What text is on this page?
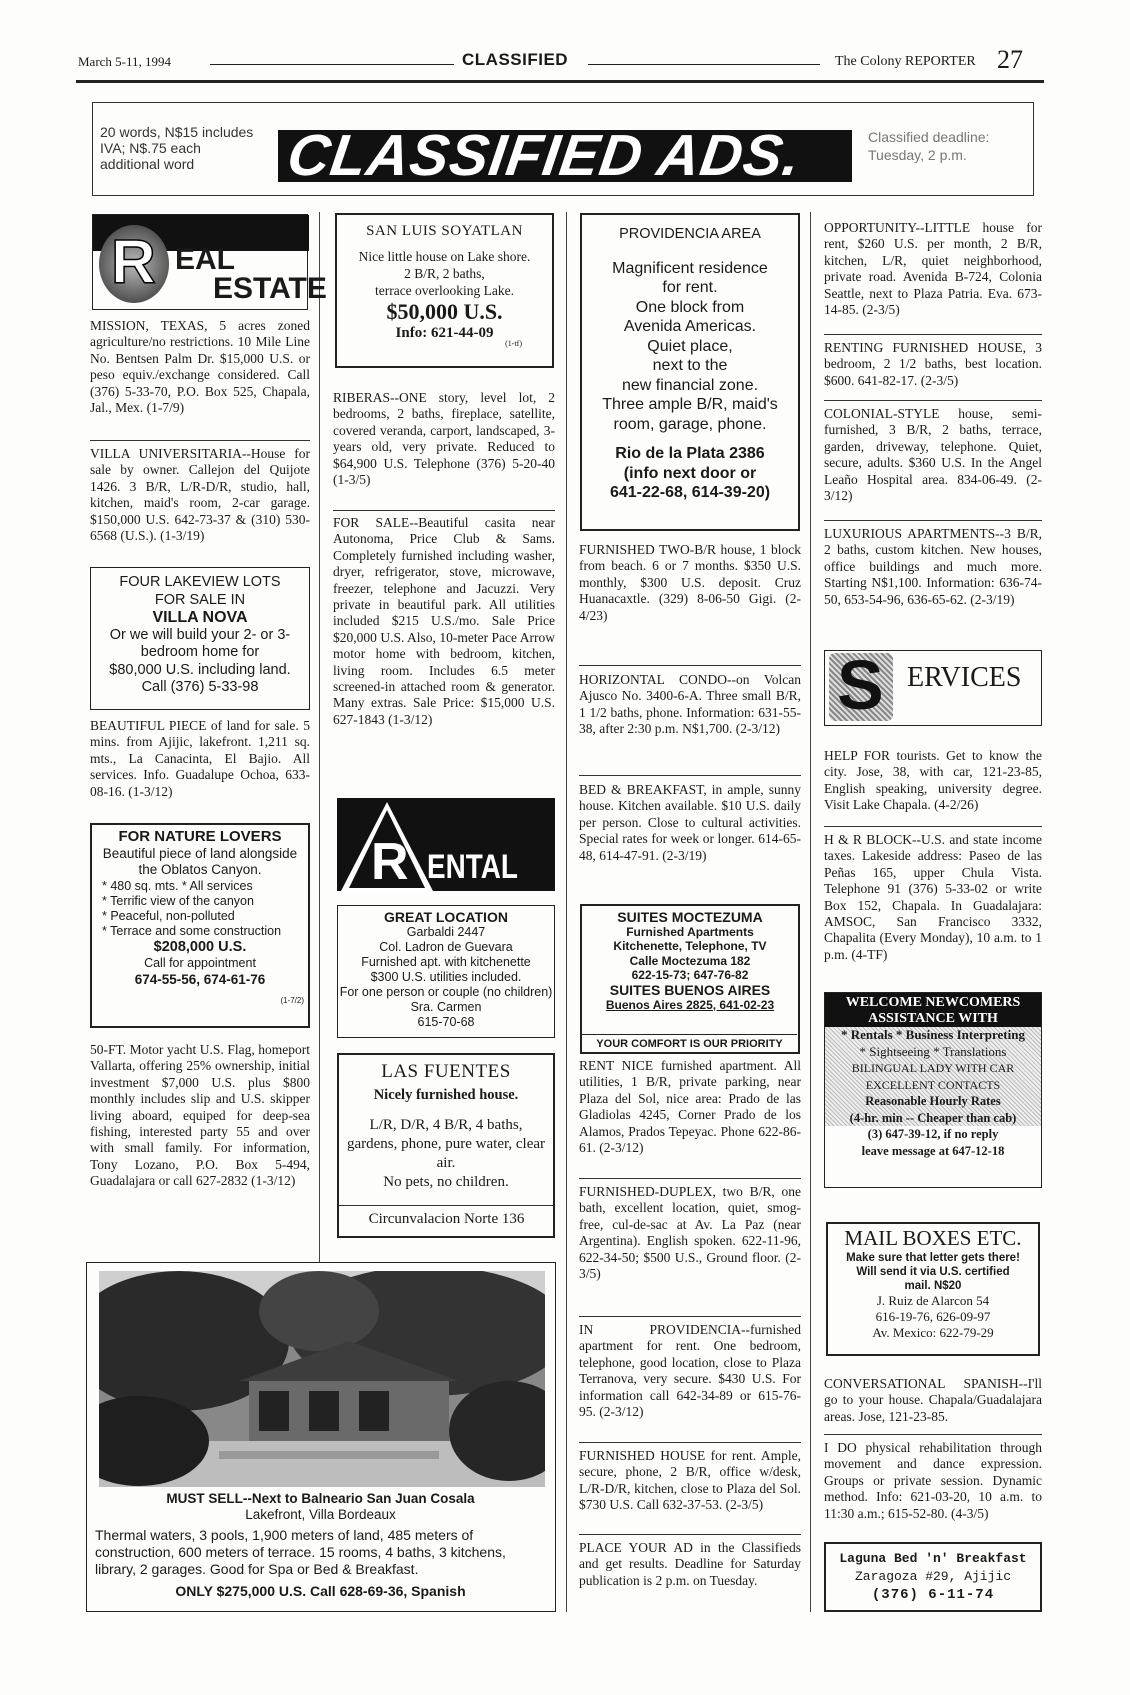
March 5-11, 1994	CLASSIFIED	The Colony REPORTER 27
20 words, N$15 includes IVA; N$.75 each additional word	CLASSIFIED ADS.	Classified deadline: Tuesday, 2 p.m.
R EAL
ESTATE

MISSION, TEXAS, 5 acres zoned agriculture/no restrictions. 10 Mile Line No. Bentsen Palm Dr. $15,000 U.S. or peso equiv./exchange considered. Call (376) 5-33-70, P.O. Box 525, Chapala, Jal., Mex. (1-7/9)

VILLA UNIVERSITARIA--House for sale by owner. Callejon del Quijote 1426. 3 B/R, L/R-D/R, studio, hall, kitchen, maid's room, 2-car garage. $150,000 U.S. 642-73-37 & (310) 530-6568 (U.S.). (1-3/19)

FOUR LAKEVIEW LOTS
FOR SALE IN
VILLA NOVA
Or we will build your 2- or 3-bedroom home for
$80,000 U.S. including land.
Call (376) 5-33-98

BEAUTIFUL PIECE of land for sale. 5 mins. from Ajijic, lakefront. 1,211 sq. mts., La Canacinta, El Bajio. All services. Info. Guadalupe Ochoa, 633-08-16. (1-3/12)

FOR NATURE LOVERS
Beautiful piece of land alongside the Oblatos Canyon.
* 480 sq. mts. * All services
* Terrific view of the canyon
* Peaceful, non-polluted
* Terrace and some construction
$208,000 U.S.
Call for appointment
674-55-56, 674-61-76
(1-7/2)

50-FT. Motor yacht U.S. Flag, homeport Vallarta, offering 25% ownership, initial investment $7,000 U.S. plus $800 monthly includes slip and U.S. skipper living aboard, equiped for deep-sea fishing, interested party 55 and over with small family. For information, Tony Lozano, P.O. Box 5-494, Guadalajara or call 627-2832 (1-3/12)

SAN LUIS SOYATLAN
Nice little house on Lake shore.
2 B/R, 2 baths,
terrace overlooking Lake.
$50,000 U.S.
Info: 621-44-09
(1-tf)

RIBERAS--ONE story, level lot, 2 bedrooms, 2 baths, fireplace, satellite, covered veranda, carport, landscaped, 3-years old, very private. Reduced to $64,900 U.S. Telephone (376) 5-20-40 (1-3/5)

FOR SALE--Beautiful casita near Autonoma, Price Club & Sams. Completely furnished including washer, dryer, refrigerator, stove, microwave, freezer, telephone and Jacuzzi. Very private in beautiful park. All utilities included $215 U.S./mo. Sale Price $20,000 U.S. Also, 10-meter Pace Arrow motor home with bedroom, kitchen, living room. Includes 6.5 meter screened-in attached room & generator. Many extras. Sale Price: $15,000 U.S. 627-1843 (1-3/12)

R ENTAL
GREAT LOCATION
Garbaldi 2447
Col. Ladron de Guevara
Furnished apt. with kitchenette
$300 U.S. utilities included.
For one person or couple (no children) Sra. Carmen
615-70-68
LAS FUENTES
Nicely furnished house.
L/R, D/R, 4 B/R, 4 baths, gardens, phone, pure water, clear air.
No pets, no children.
Circunvalacion Norte 136
MUST SELL--Next to Balneario San Juan Cosala
Lakefront, Villa Bordeaux
Thermal waters, 3 pools, 1,900 meters of land, 485 meters of construction, 600 meters of terrace. 15 rooms, 4 baths, 3 kitchens, library, 2 garages. Good for Spa or Bed & Breakfast.
ONLY $275,000 U.S. Call 628-69-36, Spanish
PROVIDENCIA AREA
Magnificent residence
for rent.
One block from
Avenida Americas.
Quiet place,
next to the
new financial zone.
Three ample B/R, maid's room, garage, phone.
Rio de la Plata 2386
(info next door or
641-22-68, 614-39-20)

FURNISHED TWO-B/R house, 1 block from beach. 6 or 7 months. $350 U.S. monthly, $300 U.S. deposit. Cruz Huanacaxtle. (329) 8-06-50 Gigi. (2-4/23)

HORIZONTAL CONDO--on Volcan Ajusco No. 3400-6-A. Three small B/R, 1 1/2 baths, phone. Information: 631-55-38, after 2:30 p.m. N$1,700. (2-3/12)

BED & BREAKFAST, in ample, sunny house. Kitchen available. $10 U.S. daily per person. Close to cultural activities. Special rates for week or longer. 614-65-48, 614-47-91. (2-3/19)

SUITES MOCTEZUMA
Furnished Apartments
Kitchenette, Telephone, TV
Calle Moctezuma 182
622-15-73; 647-76-82
SUITES BUENOS AIRES
Buenos Aires 2825, 641-02-23
YOUR COMFORT IS OUR PRIORITY

RENT NICE furnished apartment. All utilities, 1 B/R, private parking, near Plaza del Sol, nice area: Prado de las Gladiolas 4245, Corner Prado de los Alamos, Prados Tepeyac. Phone 622-86-61. (2-3/12)

FURNISHED-DUPLEX, two B/R, one bath, excellent location, quiet, smog-free, cul-de-sac at Av. La Paz (near Argentina). English spoken. 622-11-96, 622-34-50; $500 U.S., Ground floor. (2-3/5)

IN PROVIDENCIA--furnished apartment for rent. One bedroom, telephone, good location, close to Plaza Terranova, very secure. $430 U.S. For information call 642-34-89 or 615-76-95. (2-3/12)

FURNISHED HOUSE for rent. Ample, secure, phone, 2 B/R, office w/desk, L/R-D/R, kitchen, close to Plaza del Sol. $730 U.S. Call 632-37-53. (2-3/5)

PLACE YOUR AD in the Classifieds and get results. Deadline for Saturday publication is 2 p.m. on Tuesday.

OPPORTUNITY--LITTLE house for rent, $260 U.S. per month, 2 B/R, kitchen, L/R, quiet neighborhood, private road. Avenida B-724, Colonia Seattle, next to Plaza Patria. Eva. 673-14-85. (2-3/5)

RENTING FURNISHED HOUSE, 3 bedroom, 2 1/2 baths, best location. $600. 641-82-17. (2-3/5)

COLONIAL-STYLE house, semi-furnished, 3 B/R, 2 baths, terrace, garden, driveway, telephone. Quiet, secure, adults. $360 U.S. In the Angel Leaño Hospital area. 834-06-49. (2-3/12)

LUXURIOUS APARTMENTS--3 B/R, 2 baths, custom kitchen. New houses, office buildings and much more. Starting N$1,100. Information: 636-74-50, 653-54-96, 636-65-62. (2-3/19)

S ERVICES

HELP FOR tourists. Get to know the city. Jose, 38, with car, 121-23-85, English speaking, university degree. Visit Lake Chapala. (4-2/26)

H & R BLOCK--U.S. and state income taxes. Lakeside address: Paseo de las Peñas 165, upper Chula Vista. Telephone 91 (376) 5-33-02 or write Box 152, Chapala. In Guadalajara: AMSOC, San Francisco 3332, Chapalita (Every Monday), 10 a.m. to 1 p.m. (4-TF)

WELCOME NEWCOMERS
ASSISTANCE WITH
* Rentals * Business Interpreting
* Sightseeing * Translations
BILINGUAL LADY WITH CAR
EXCELLENT CONTACTS
Reasonable Hourly Rates
(4-hr. min -- Cheaper than cab)
(3) 647-39-12, if no reply
leave message at 647-12-18
MAIL BOXES ETC.
Make sure that letter gets there! Will send it via U.S. certified mail. N$20
J. Ruiz de Alarcon 54
616-19-76, 626-09-97
Av. Mexico: 622-79-29

CONVERSATIONAL SPANISH--I'll go to your house. Chapala/Guadalajara areas. Jose, 121-23-85.

I DO physical rehabilitation through movement and dance expression. Groups or private session. Dynamic method. Info: 621-03-20, 10 a.m. to 11:30 a.m.; 615-52-80. (4-3/5)

Laguna Bed 'n' Breakfast
Zaragoza #29, Ajijic
(376) 6-11-74
